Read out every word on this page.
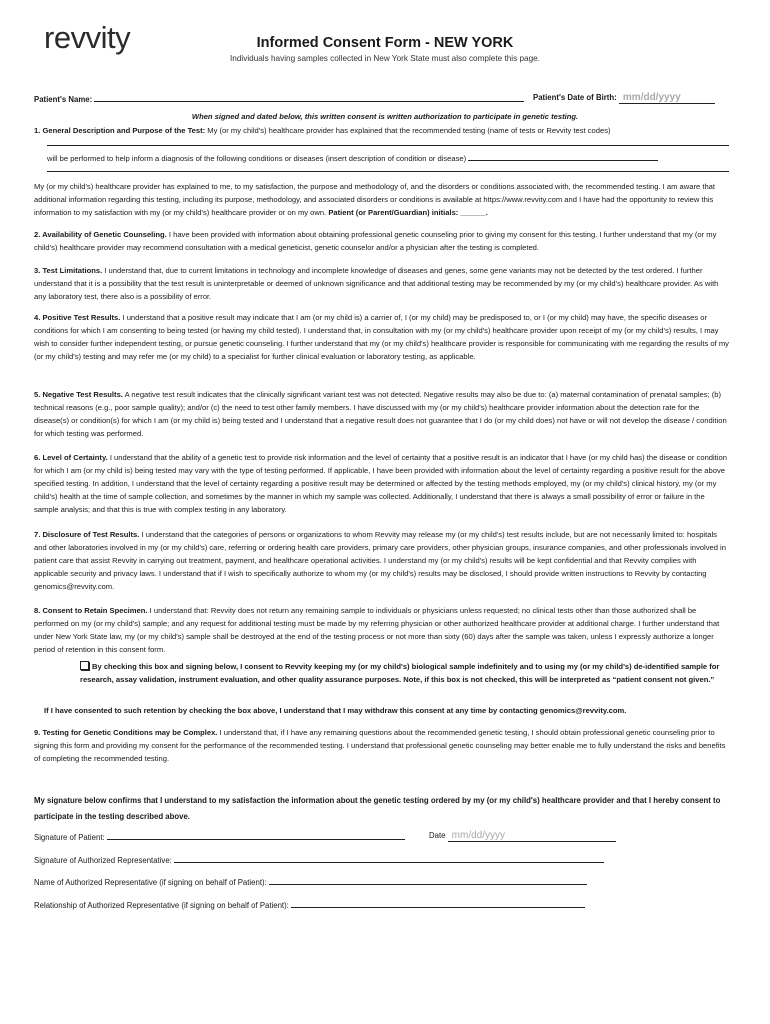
revvity	Informed Consent Form - NEW YORK
Individuals having samples collected in New York State must also complete this page.
Patient's Name:	Patient's Date of Birth: mm/dd/yyyy
When signed and dated below, this written consent is written authorization to participate in genetic testing.
1. General Description and Purpose of the Test: My (or my child's) healthcare provider has explained that the recommended testing (name of tests or Revvity test codes)
will be performed to help inform a diagnosis of the following conditions or diseases (insert description of condition or disease)
My (or my child's) healthcare provider has explained to me, to my satisfaction, the purpose and methodology of, and the disorders or conditions associated with, the recommended testing. I am aware that additional information regarding this testing, including its purpose, methodology, and associated disorders or conditions is available at https://www.revvity.com and I have had the opportunity to review this information to my satisfaction with my (or my child's) healthcare provider or on my own. Patient (or Parent/Guardian) initials: ______.
2. Availability of Genetic Counseling. I have been provided with information about obtaining professional genetic counseling prior to giving my consent for this testing. I further understand that my (or my child's) healthcare provider may recommend consultation with a medical geneticist, genetic counselor and/or a physician after the testing is completed.
3. Test Limitations. I understand that, due to current limitations in technology and incomplete knowledge of diseases and genes, some gene variants may not be detected by the test ordered. I further understand that it is a possibility that the test result is uninterpretable or deemed of unknown significance and that additional testing may be recommended by my (or my child's) healthcare provider. As with any laboratory test, there also is a possibility of error.
4. Positive Test Results. I understand that a positive result may indicate that I am (or my child is) a carrier of, I (or my child) may be predisposed to, or I (or my child) may have, the specific diseases or conditions for which I am consenting to being tested (or having my child tested). I understand that, in consultation with my (or my child's) healthcare provider upon receipt of my (or my child's) results, I may wish to consider further independent testing, or pursue genetic counseling. I further understand that my (or my child's) healthcare provider is responsible for communicating with me regarding the results of my (or my child's) testing and may refer me (or my child) to a specialist for further clinical evaluation or laboratory testing, as applicable.
5. Negative Test Results. A negative test result indicates that the clinically significant variant test was not detected. Negative results may also be due to: (a) maternal contamination of prenatal samples; (b) technical reasons (e.g., poor sample quality); and/or (c) the need to test other family members. I have discussed with my (or my child's) healthcare provider information about the detection rate for the disease(s) or condition(s) for which I am (or my child is) being tested and I understand that a negative result does not guarantee that I do (or my child does) not have or will not develop the disease / condition for which testing was performed.
6. Level of Certainty. I understand that the ability of a genetic test to provide risk information and the level of certainty that a positive result is an indicator that I have (or my child has) the disease or condition for which I am (or my child is) being tested may vary with the type of testing performed. If applicable, I have been provided with information about the level of certainty regarding a positive result for the above specified testing. In addition, I understand that the level of certainty regarding a positive result may be determined or affected by the testing methods employed, my (or my child's) clinical history, my (or my child's) health at the time of sample collection, and sometimes by the manner in which my sample was collected. Additionally, I understand that there is always a small possibility of error or failure in the sample analysis; and that this is true with complex testing in any laboratory.
7. Disclosure of Test Results. I understand that the categories of persons or organizations to whom Revvity may release my (or my child's) test results include, but are not necessarily limited to: hospitals and other laboratories involved in my (or my child's) care, referring or ordering health care providers, primary care providers, other physician groups, insurance companies, and other professionals involved in patient care that assist Revvity in carrying out treatment, payment, and healthcare operational activities. I understand my (or my child's) results will be kept confidential and that Revvity complies with applicable security and privacy laws. I understand that if I wish to specifically authorize to whom my (or my child's) results may be disclosed, I should provide written instructions to Revvity by contacting genomics@revvity.com.
8. Consent to Retain Specimen. I understand that: Revvity does not return any remaining sample to individuals or physicians unless requested; no clinical tests other than those authorized shall be performed on my (or my child's) sample; and any request for additional testing must be made by my referring physician or other authorized healthcare provider at additional charge. I further understand that under New York State law, my (or my child's) sample shall be destroyed at the end of the testing process or not more than sixty (60) days after the sample was taken, unless I expressly authorize a longer period of retention in this consent form.
By checking this box and signing below, I consent to Revvity keeping my (or my child's) biological sample indefinitely and to using my (or my child's) de-identified sample for research, assay validation, instrument evaluation, and other quality assurance purposes. Note, if this box is not checked, this will be interpreted as “patient consent not given.”
If I have consented to such retention by checking the box above, I understand that I may withdraw this consent at any time by contacting genomics@revvity.com.
9. Testing for Genetic Conditions may be Complex. I understand that, if I have any remaining questions about the recommended genetic testing, I should obtain professional genetic counseling prior to signing this form and providing my consent for the performance of the recommended testing. I understand that professional genetic counseling may better enable me to fully understand the risks and benefits of completing the recommended testing.
My signature below confirms that I understand to my satisfaction the information about the genetic testing ordered by my (or my child's) healthcare provider and that I hereby consent to participate in the testing described above.
Signature of Patient:	Date mm/dd/yyyy
Signature of Authorized Representative:
Name of Authorized Representative (if signing on behalf of Patient):
Relationship of Authorized Representative (if signing on behalf of Patient):
